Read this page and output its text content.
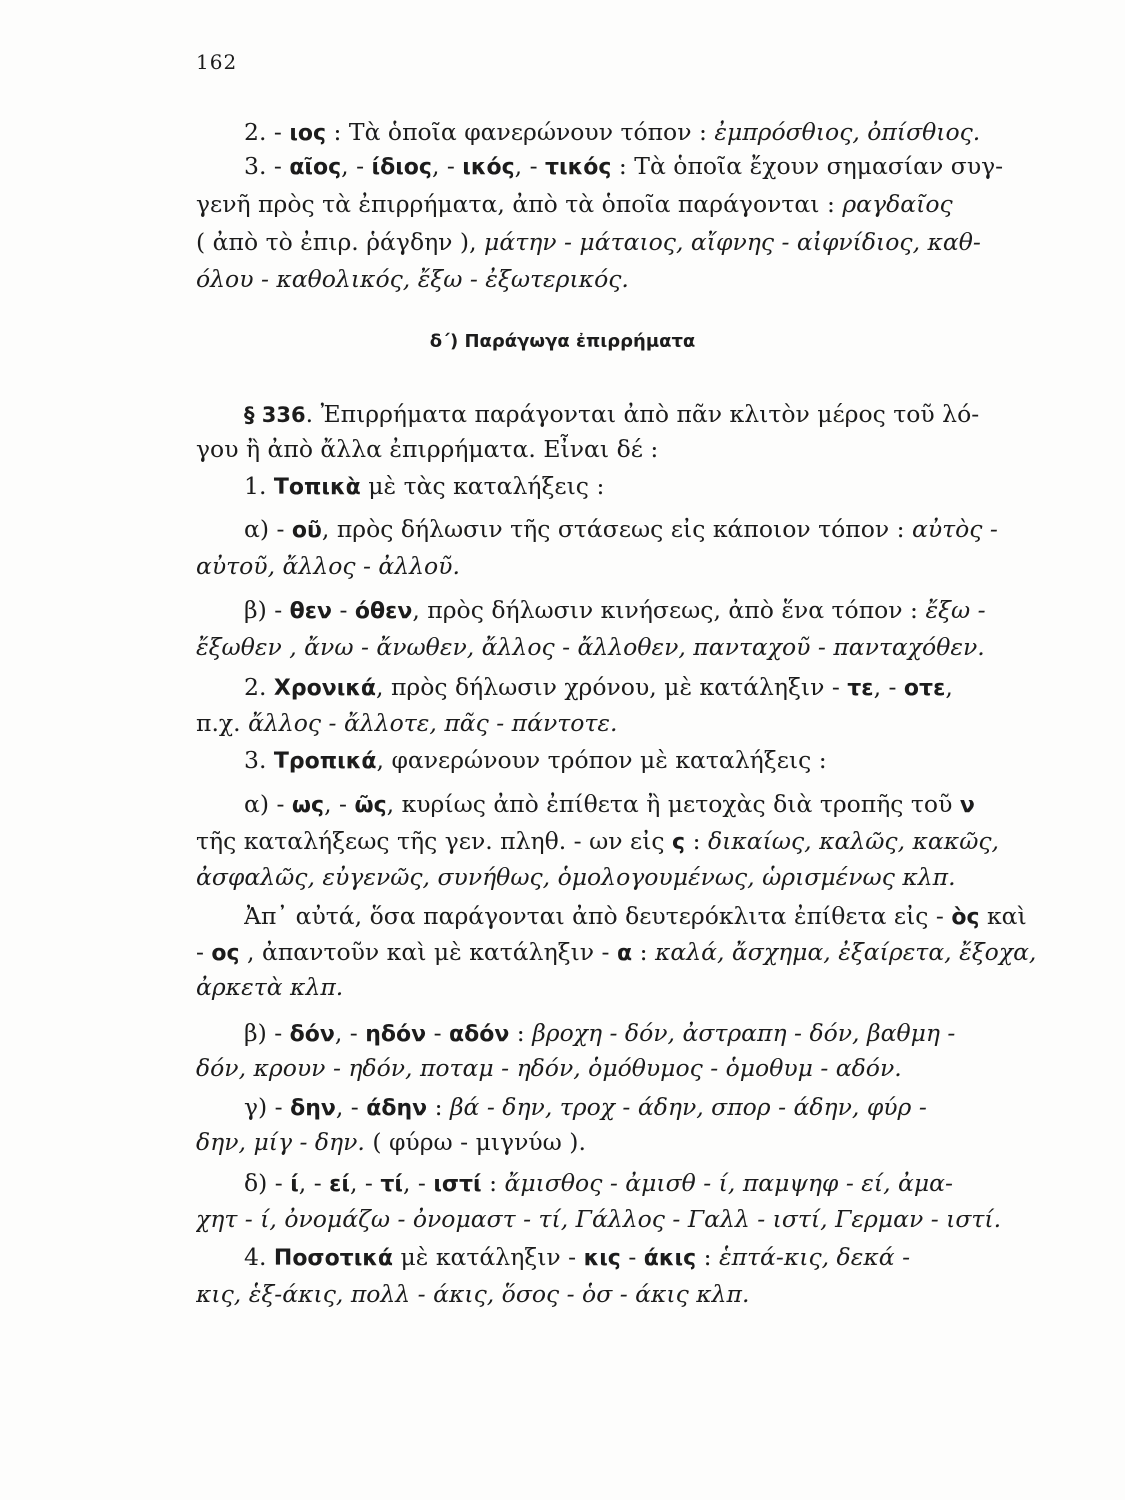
162
2. - ιος : Τὰ ὁποῖα φανερώνουν τόπον : ἐμπρόσθιος, ὀπίσθιος.
3. - αῖος, - ίδιος, - ικός, - τικός : Τὰ ὁποῖα ἔχουν σημασίαν συγ-
γενῆ πρὸς τὰ ἐπιρρήματα, ἀπὸ τὰ ὁποῖα παράγονται : ραγδαῖος
( ἀπὸ τὸ ἐπιρ. ῥάγδην ), μάτην - μάταιος, αἴφνης - αἰφνίδιος, καθ-
όλου - καθολικός, ἔξω - ἐξωτερικός.
δ΄) Παράγωγα ἐπιρρήματα
§ 336. Ἐπιρρήματα παράγονται ἀπὸ πᾶν κλιτὸν μέρος τοῦ λό-
γου ἢ ἀπὸ ἄλλα ἐπιρρήματα. Εἶναι δέ :
1. Τοπικὰ μὲ τὰς καταλήξεις :
α) - οῦ, πρὸς δήλωσιν τῆς στάσεως εἰς κάποιον τόπον : αὐτὸς -
αὐτοῦ, ἄλλος - ἀλλοῦ.
β) - θεν - όθεν, πρὸς δήλωσιν κινήσεως, ἀπὸ ἕνα τόπον : ἔξω -
ἔξωθεν , ἄνω - ἄνωθεν, ἄλλος - ἄλλοθεν, πανταχοῦ - πανταχόθεν.
2. Χρονικά, πρὸς δήλωσιν χρόνου, μὲ κατάληξιν - τε, - οτε,
π.χ. ἄλλος - ἄλλοτε, πᾶς - πάντοτε.
3. Τροπικά, φανερώνουν τρόπον μὲ καταλήξεις :
α) - ως, - ῶς, κυρίως ἀπὸ ἐπίθετα ἢ μετοχὰς διὰ τροπῆς τοῦ ν
τῆς καταλήξεως τῆς γεν. πληθ. - ων εἰς ς : δικαίως, καλῶς, κακῶς,
ἀσφαλῶς, εὐγενῶς, συνήθως, ὁμολογουμένως, ὡρισμένως κλπ.
Ἀπ᾽ αὐτά, ὅσα παράγονται ἀπὸ δευτερόκλιτα ἐπίθετα εἰς - ὸς καὶ
- ος , ἀπαντοῦν καὶ μὲ κατάληξιν - α : καλά, ἄσχημα, ἐξαίρετα, ἔξοχα,
ἀρκετὰ κλπ.
β) - δόν, - ηδόν - αδόν : βροχη - δόν, ἀστραπη - δόν, βαθμη -
δόν, κρουν - ηδόν, ποταμ - ηδόν, ὁμόθυμος - ὁμοθυμ - αδόν.
γ) - δην, - άδην : βά - δην, τροχ - άδην, σπορ - άδην, φύρ -
δην, μίγ - δην. ( φύρω - μιγνύω ).
δ) - ί, - εί, - τί, - ιστί : ἄμισθος - ἀμισθ - ί, παμψηφ - εί, ἀμα-
χητ - ί, ὀνομάζω - ὀνομαστ - τί, Γάλλος - Γαλλ - ιστί, Γερμαν - ιστί.
4. Ποσοτικά μὲ κατάληξιν - κις - άκις : ἑπτά-κις, δεκά -
κις, ἑξ-άκις, πολλ - άκις, ὅσος - ὁσ - άκις κλπ.
